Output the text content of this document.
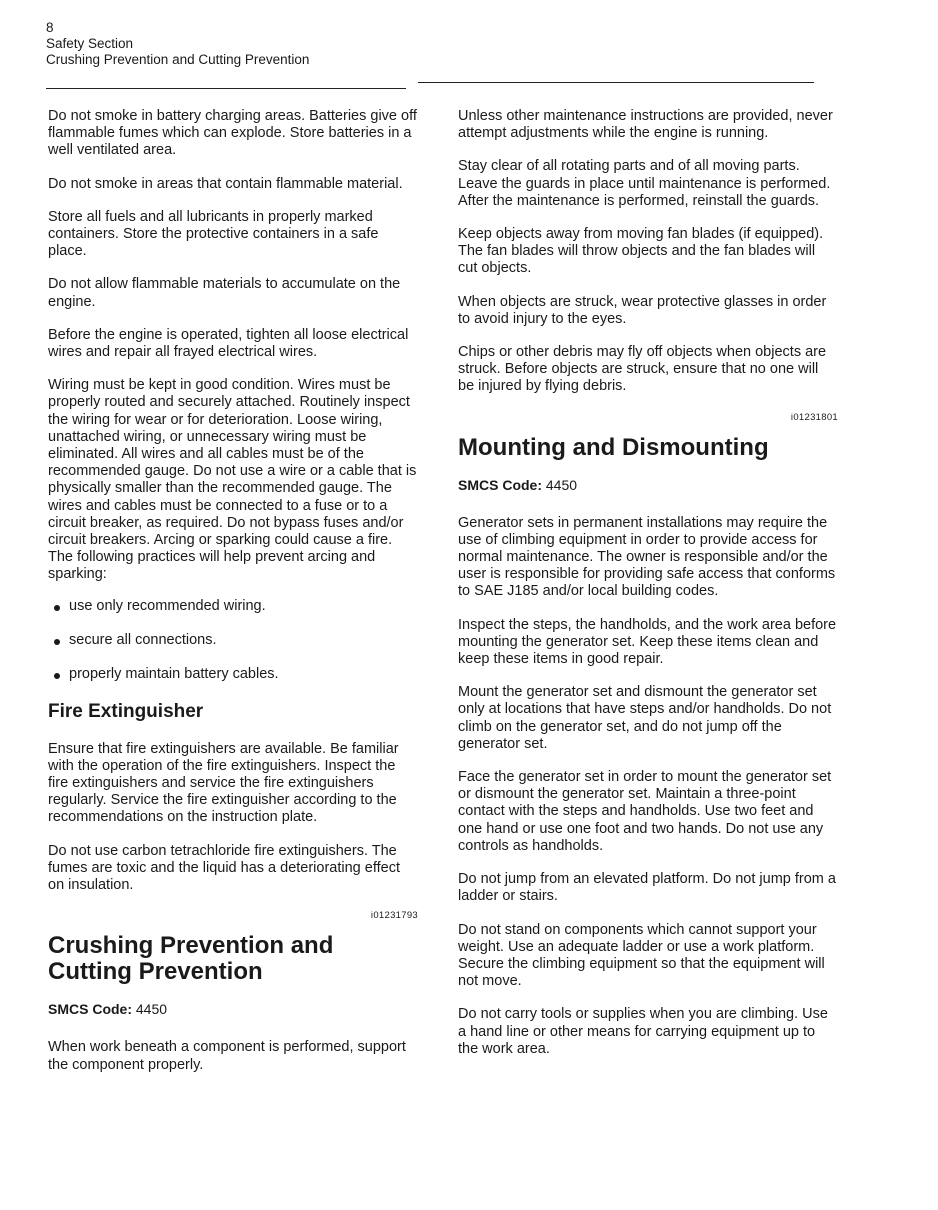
8
Safety Section
Crushing Prevention and Cutting Prevention

Do not smoke in battery charging areas. Batteries give off flammable fumes which can explode. Store batteries in a well ventilated area.

Do not smoke in areas that contain flammable material.

Store all fuels and all lubricants in properly marked containers. Store the protective containers in a safe place.

Do not allow flammable materials to accumulate on the engine.

Before the engine is operated, tighten all loose electrical wires and repair all frayed electrical wires.

Wiring must be kept in good condition. Wires must be properly routed and securely attached. Routinely inspect the wiring for wear or for deterioration. Loose wiring, unattached wiring, or unnecessary wiring must be eliminated. All wires and all cables must be of the recommended gauge. Do not use a wire or a cable that is physically smaller than the recommended gauge. The wires and cables must be connected to a fuse or to a circuit breaker, as required. Do not bypass fuses and/or circuit breakers. Arcing or sparking could cause a fire. The following practices will help prevent arcing and sparking:

use only recommended wiring.
secure all connections.
properly maintain battery cables.
Fire Extinguisher

Ensure that fire extinguishers are available. Be familiar with the operation of the fire extinguishers. Inspect the fire extinguishers and service the fire extinguishers regularly. Service the fire extinguisher according to the recommendations on the instruction plate.

Do not use carbon tetrachloride fire extinguishers. The fumes are toxic and the liquid has a deteriorating effect on insulation.

i01231793
Crushing Prevention and
Cutting Prevention
SMCS Code: 4450

When work beneath a component is performed, support the component properly.

Unless other maintenance instructions are provided, never attempt adjustments while the engine is running.

Stay clear of all rotating parts and of all moving parts. Leave the guards in place until maintenance is performed. After the maintenance is performed, reinstall the guards.

Keep objects away from moving fan blades (if equipped). The fan blades will throw objects and the fan blades will cut objects.

When objects are struck, wear protective glasses in order to avoid injury to the eyes.

Chips or other debris may fly off objects when objects are struck. Before objects are struck, ensure that no one will be injured by flying debris.

i01231801
Mounting and Dismounting
SMCS Code: 4450

Generator sets in permanent installations may require the use of climbing equipment in order to provide access for normal maintenance. The owner is responsible and/or the user is responsible for providing safe access that conforms to SAE J185 and/or local building codes.

Inspect the steps, the handholds, and the work area before mounting the generator set. Keep these items clean and keep these items in good repair.

Mount the generator set and dismount the generator set only at locations that have steps and/or handholds. Do not climb on the generator set, and do not jump off the generator set.

Face the generator set in order to mount the generator set or dismount the generator set. Maintain a three-point contact with the steps and handholds. Use two feet and one hand or use one foot and two hands. Do not use any controls as handholds.

Do not jump from an elevated platform. Do not jump from a ladder or stairs.

Do not stand on components which cannot support your weight. Use an adequate ladder or use a work platform. Secure the climbing equipment so that the equipment will not move.

Do not carry tools or supplies when you are climbing. Use a hand line or other means for carrying equipment up to the work area.
